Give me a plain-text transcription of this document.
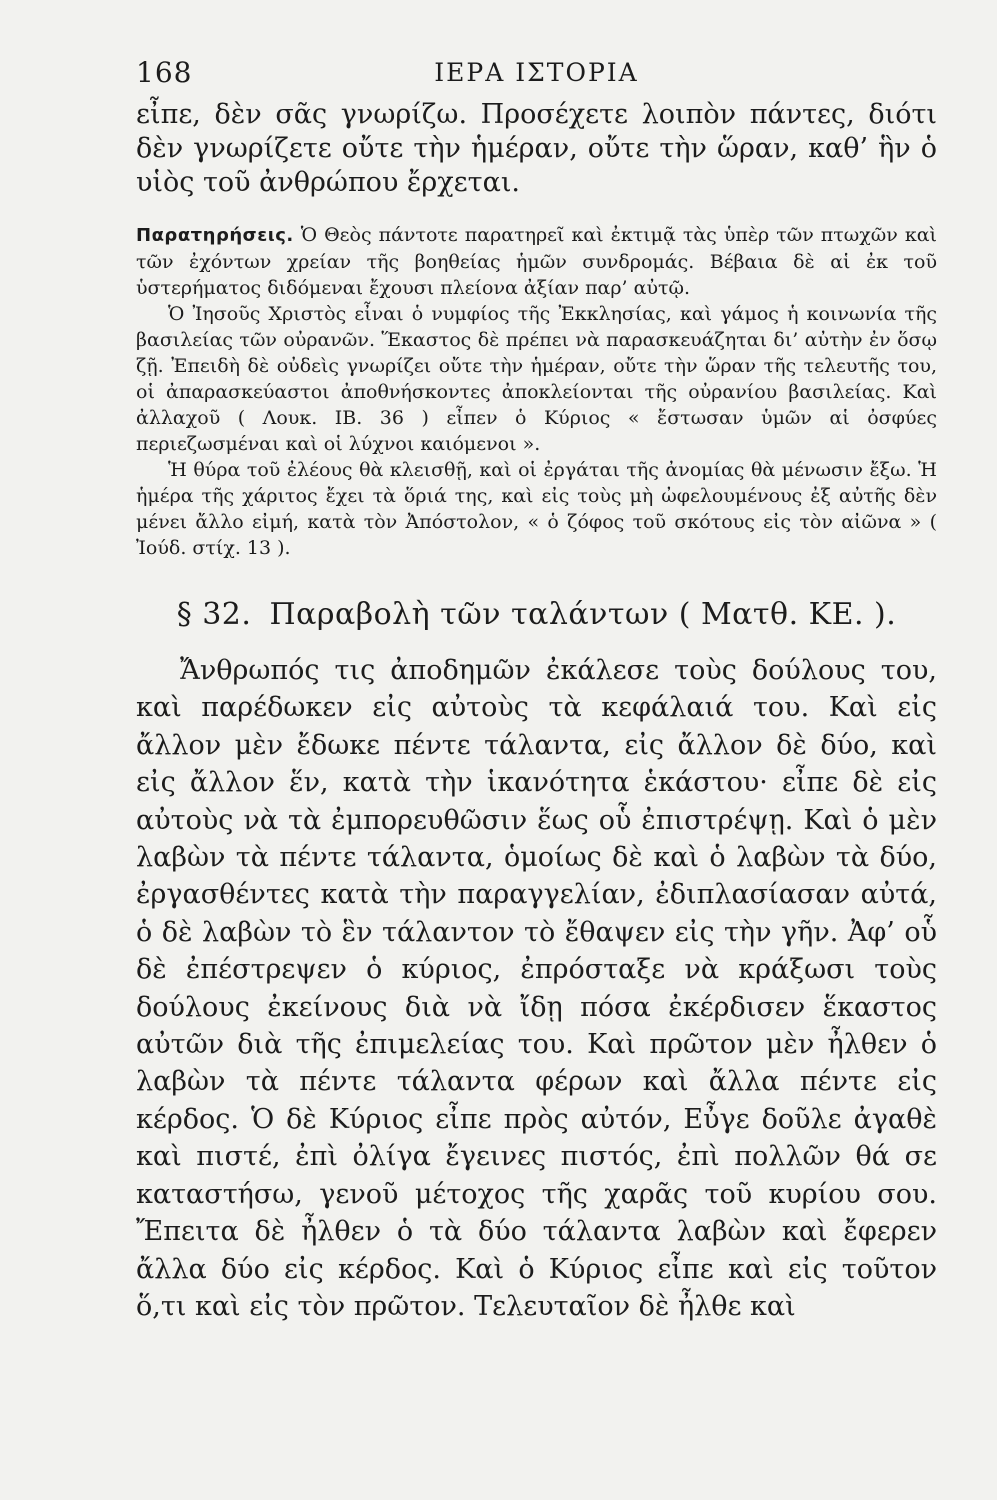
168	ΙΕΡΑ ΙΣΤΟΡΙΑ

εἶπε, δὲν σᾶς γνωρίζω. Προσέχετε λοιπὸν πάντες, διότι δὲν γνωρίζετε οὔτε τὴν ἡμέραν, οὔτε τὴν ὥραν, καθ’ ἣν ὁ υἱὸς τοῦ ἀνθρώπου ἔρχεται.

Παρατηρήσεις. Ὁ Θεὸς πάντοτε παρατηρεῖ καὶ ἐκτιμᾷ τὰς ὑπὲρ τῶν πτωχῶν καὶ τῶν ἐχόντων χρείαν τῆς βοηθείας ἡμῶν συνδρομάς. Βέβαια δὲ αἱ ἐκ τοῦ ὑστερήματος διδόμεναι ἔχουσι πλείονα ἀξίαν παρ’ αὐτῷ.

Ὁ Ἰησοῦς Χριστὸς εἶναι ὁ νυμφίος τῆς Ἐκκλησίας, καὶ γάμος ἡ κοινωνία τῆς βασιλείας τῶν οὐρανῶν. Ἕκαστος δὲ πρέπει νὰ παρασκευάζηται δι’ αὐτὴν ἐν ὅσῳ ζῇ. Ἐπειδὴ δὲ οὐδεὶς γνωρίζει οὔτε τὴν ἡμέραν, οὔτε τὴν ὥραν τῆς τελευτῆς του, οἱ ἀπαρασκεύαστοι ἀποθνήσκοντες ἀποκλείονται τῆς οὐρανίου βασιλείας. Καὶ ἀλλαχοῦ ( Λουκ. ΙΒ. 36 ) εἶπεν ὁ Κύριος « ἔστωσαν ὑμῶν αἱ ὀσφύες περιεζωσμέναι καὶ οἱ λύχνοι καιόμενοι ».

Ἡ θύρα τοῦ ἐλέους θὰ κλεισθῇ, καὶ οἱ ἐργάται τῆς ἀνομίας θὰ μένωσιν ἔξω. Ἡ ἡμέρα τῆς χάριτος ἔχει τὰ ὅριά της, καὶ εἰς τοὺς μὴ ὠφελουμένους ἐξ αὐτῆς δὲν μένει ἄλλο εἰμή, κατὰ τὸν Ἀπόστολον, « ὁ ζόφος τοῦ σκότους εἰς τὸν αἰῶνα » ( Ἰούδ. στίχ. 13 ).

§ 32. Παραβολὴ τῶν ταλάντων ( Ματθ. ΚΕ. ).

Ἄνθρωπός τις ἀποδημῶν ἐκάλεσε τοὺς δούλους του, καὶ παρέδωκεν εἰς αὐτοὺς τὰ κεφάλαιά του. Καὶ εἰς ἄλλον μὲν ἔδωκε πέντε τάλαντα, εἰς ἄλλον δὲ δύο, καὶ εἰς ἄλλον ἕν, κατὰ τὴν ἱκανότητα ἑκάστου· εἶπε δὲ εἰς αὐτοὺς νὰ τὰ ἐμπορευθῶσιν ἕως οὗ ἐπιστρέψῃ. Καὶ ὁ μὲν λαβὼν τὰ πέντε τάλαντα, ὁμοίως δὲ καὶ ὁ λαβὼν τὰ δύο, ἐργασθέντες κατὰ τὴν παραγγελίαν, ἐδιπλασίασαν αὐτά, ὁ δὲ λαβὼν τὸ ἓν τάλαντον τὸ ἔθαψεν εἰς τὴν γῆν. Ἀφ’ οὗ δὲ ἐπέστρεψεν ὁ κύριος, ἐπρόσταξε νὰ κράξωσι τοὺς δούλους ἐκείνους διὰ νὰ ἴδῃ πόσα ἐκέρδισεν ἕκαστος αὐτῶν διὰ τῆς ἐπιμελείας του. Καὶ πρῶτον μὲν ἦλθεν ὁ λαβὼν τὰ πέντε τάλαντα φέρων καὶ ἄλλα πέντε εἰς κέρδος. Ὁ δὲ Κύριος εἶπε πρὸς αὐτόν, Εὖγε δοῦλε ἀγαθὲ καὶ πιστέ, ἐπὶ ὀλίγα ἔγεινες πιστός, ἐπὶ πολλῶν θά σε καταστήσω, γενοῦ μέτοχος τῆς χαρᾶς τοῦ κυρίου σου. Ἔπειτα δὲ ἦλθεν ὁ τὰ δύο τάλαντα λαβὼν καὶ ἔφερεν ἄλλα δύο εἰς κέρδος. Καὶ ὁ Κύριος εἶπε καὶ εἰς τοῦτον ὅ,τι καὶ εἰς τὸν πρῶτον. Τελευταῖον δὲ ἦλθε καὶ
